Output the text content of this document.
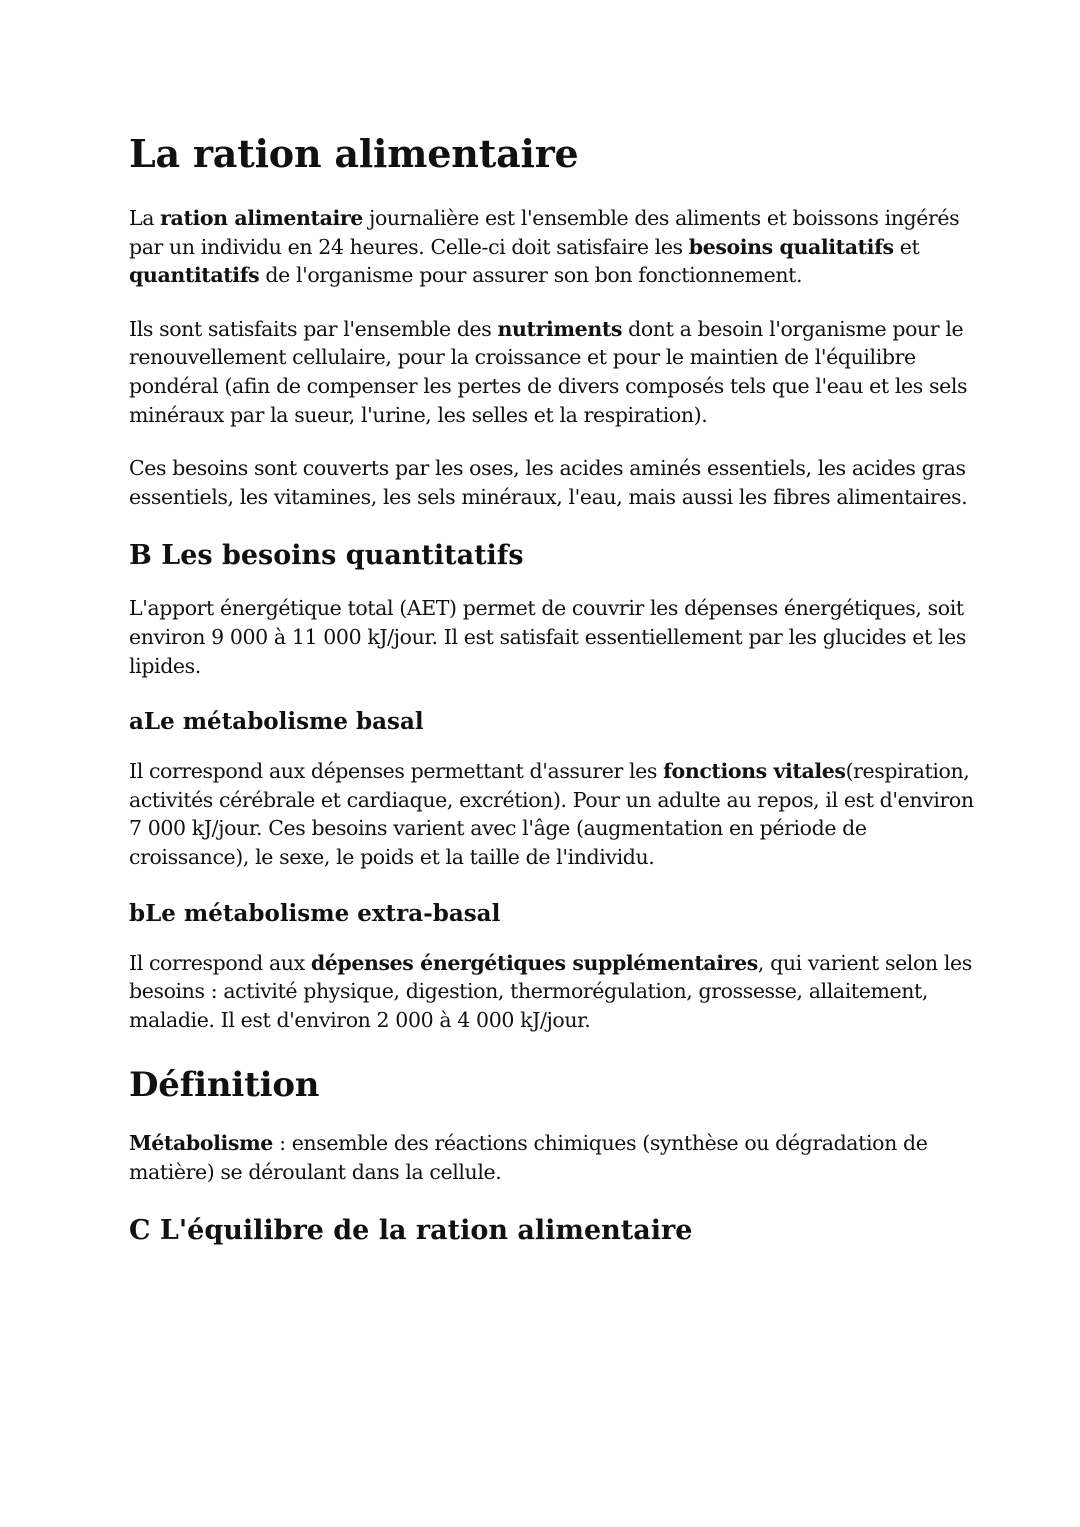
La ration alimentaire

La ration alimentaire journalière est l'ensemble des aliments et boissons ingérés par un individu en 24 heures. Celle-ci doit satisfaire les besoins qualitatifs et quantitatifs de l'organisme pour assurer son bon fonctionnement.

Ils sont satisfaits par l'ensemble des nutriments dont a besoin l'organisme pour le renouvellement cellulaire, pour la croissance et pour le maintien de l'équilibre pondéral (afin de compenser les pertes de divers composés tels que l'eau et les sels minéraux par la sueur, l'urine, les selles et la respiration).

Ces besoins sont couverts par les oses, les acides aminés essentiels, les acides gras essentiels, les vitamines, les sels minéraux, l'eau, mais aussi les fibres alimentaires.

B Les besoins quantitatifs

L'apport énergétique total (AET) permet de couvrir les dépenses énergétiques, soit environ 9 000 à 11 000 kJ/jour. Il est satisfait essentiellement par les glucides et les lipides.

aLe métabolisme basal

Il correspond aux dépenses permettant d'assurer les fonctions vitales(respiration, activités cérébrale et cardiaque, excrétion). Pour un adulte au repos, il est d'environ 7 000 kJ/jour. Ces besoins varient avec l'âge (augmentation en période de croissance), le sexe, le poids et la taille de l'individu.

bLe métabolisme extra-basal

Il correspond aux dépenses énergétiques supplémentaires, qui varient selon les besoins : activité physique, digestion, thermorégulation, grossesse, allaitement, maladie. Il est d'environ 2 000 à 4 000 kJ/jour.

Définition

Métabolisme : ensemble des réactions chimiques (synthèse ou dégradation de matière) se déroulant dans la cellule.

C L'équilibre de la ration alimentaire
